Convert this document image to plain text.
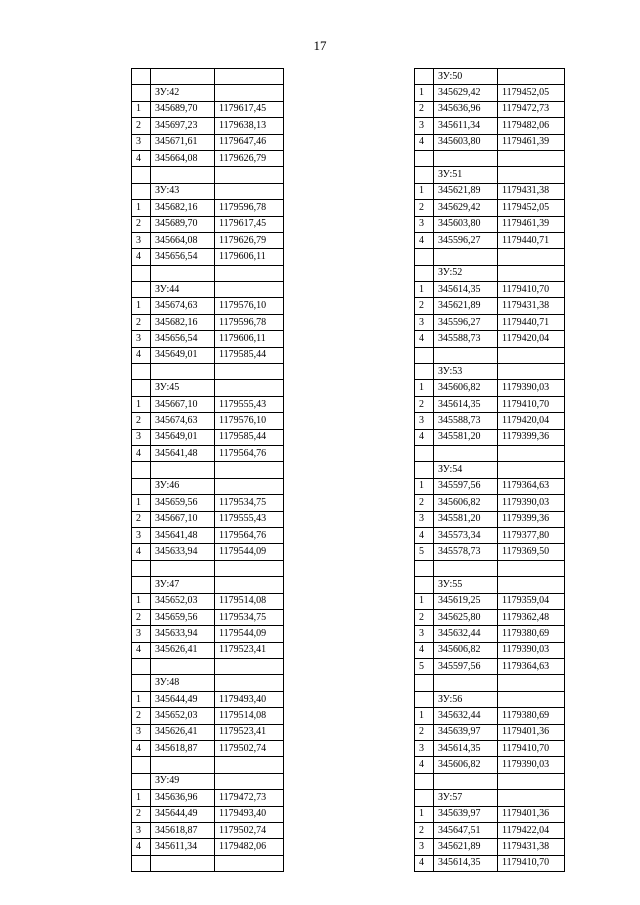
17

	ЗУ:42	
1	345689,70	1179617,45
2	345697,23	1179638,13
3	345671,61	1179647,46
4	345664,08	1179626,79

	ЗУ:43	
1	345682,16	1179596,78
2	345689,70	1179617,45
3	345664,08	1179626,79
4	345656,54	1179606,11

	ЗУ:44	
1	345674,63	1179576,10
2	345682,16	1179596,78
3	345656,54	1179606,11
4	345649,01	1179585,44

	ЗУ:45	
1	345667,10	1179555,43
2	345674,63	1179576,10
3	345649,01	1179585,44
4	345641,48	1179564,76

	ЗУ:46	
1	345659,56	1179534,75
2	345667,10	1179555,43
3	345641,48	1179564,76
4	345633,94	1179544,09

	ЗУ:47	
1	345652,03	1179514,08
2	345659,56	1179534,75
3	345633,94	1179544,09
4	345626,41	1179523,41

	ЗУ:48	
1	345644,49	1179493,40
2	345652,03	1179514,08
3	345626,41	1179523,41
4	345618,87	1179502,74

	ЗУ:49	
1	345636,96	1179472,73
2	345644,49	1179493,40
3	345618,87	1179502,74
4	345611,34	1179482,06

	ЗУ:50	
1	345629,42	1179452,05
2	345636,96	1179472,73
3	345611,34	1179482,06
4	345603,80	1179461,39

	ЗУ:51	
1	345621,89	1179431,38
2	345629,42	1179452,05
3	345603,80	1179461,39
4	345596,27	1179440,71

	ЗУ:52	
1	345614,35	1179410,70
2	345621,89	1179431,38
3	345596,27	1179440,71
4	345588,73	1179420,04

	ЗУ:53	
1	345606,82	1179390,03
2	345614,35	1179410,70
3	345588,73	1179420,04
4	345581,20	1179399,36

	ЗУ:54	
1	345597,56	1179364,63
2	345606,82	1179390,03
3	345581,20	1179399,36
4	345573,34	1179377,80
5	345578,73	1179369,50

	ЗУ:55	
1	345619,25	1179359,04
2	345625,80	1179362,48
3	345632,44	1179380,69
4	345606,82	1179390,03
5	345597,56	1179364,63

	ЗУ:56	
1	345632,44	1179380,69
2	345639,97	1179401,36
3	345614,35	1179410,70
4	345606,82	1179390,03

	ЗУ:57	
1	345639,97	1179401,36
2	345647,51	1179422,04
3	345621,89	1179431,38
4	345614,35	1179410,70
